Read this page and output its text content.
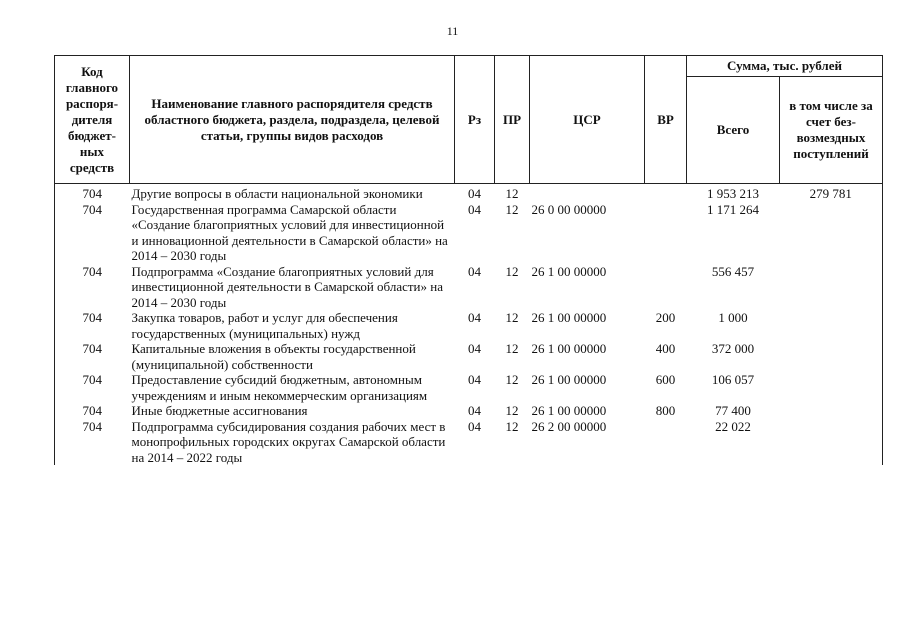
11
Код главного распоря-дителя бюджет-ных средств	Наименование главного распорядителя средств областного бюджета, раздела, подраздела, целевой статьи, группы видов расходов	Рз	ПР	ЦСР	ВР	Сумма, тыс. рублей	
						Всего	в том числе за счет без-возмездных поступлений
704	Другие вопросы в области национальной экономики	04	12			1 953 213	279 781
704	Государственная программа Самарской области «Создание благоприятных условий для инвестиционной и инновационной деятельности в Самарской области» на 2014 – 2030 годы	04	12	26 0 00 00000		1 171 264	
704	Подпрограмма «Создание благоприятных условий для инвестиционной деятельности в Самарской области» на 2014 – 2030 годы	04	12	26 1 00 00000		556 457	
704	Закупка товаров, работ и услуг для обеспечения государственных (муниципальных) нужд	04	12	26 1 00 00000	200	1 000	
704	Капитальные вложения в объекты государственной (муниципальной) собственности	04	12	26 1 00 00000	400	372 000	
704	Предоставление субсидий бюджетным, автономным учреждениям и иным некоммерческим организациям	04	12	26 1 00 00000	600	106 057	
704	Иные бюджетные ассигнования	04	12	26 1 00 00000	800	77 400	
704	Подпрограмма субсидирования создания рабочих мест в монопрофильных городских округах Самарской области на 2014 – 2022 годы	04	12	26 2 00 00000		22 022	
